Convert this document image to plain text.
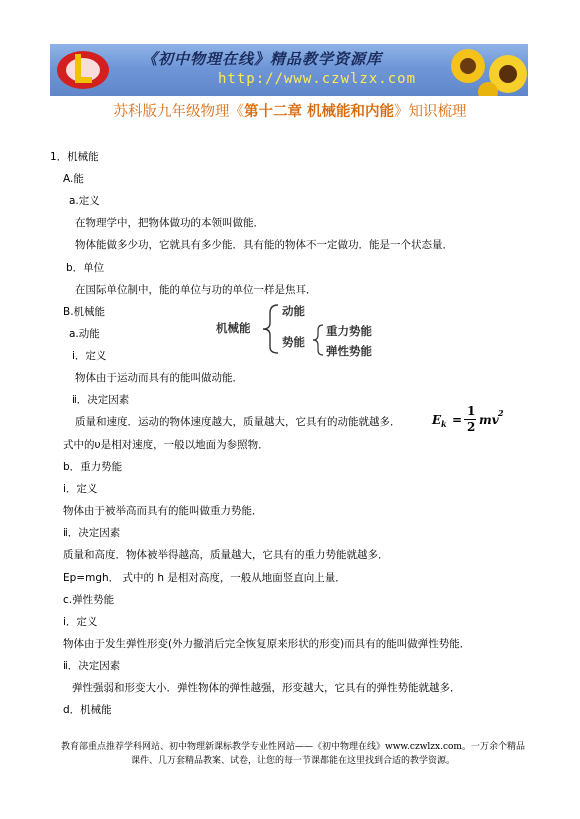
《初中物理在线》精品教学资源库
http://www.czwlzx.com
苏科版九年级物理《第十二章 机械能和内能》知识梳理
1．机械能
A.能
a.定义
在物理学中，把物体做功的本领叫做能．
物体能做多少功，它就具有多少能．具有能的物体不一定做功．能是一个状态量．
b．单位
在国际单位制中，能的单位与功的单位一样是焦耳．
B.机械能
a.动能
ⅰ．定义
物体由于运动而具有的能叫做动能．
ⅱ．决定因素
质量和速度．运动的物体速度越大，质量越大，它具有的动能就越多．
式中的υ是相对速度，一般以地面为参照物．
b．重力势能
ⅰ．定义
物体由于被举高而具有的能叫做重力势能．
ⅱ．决定因素
质量和高度．物体被举得越高，质量越大，它具有的重力势能就越多．
Ep=mgh． 式中的 h 是相对高度，一般从地面竖直向上量．
c.弹性势能
ⅰ．定义
物体由于发生弹性形变(外力撤消后完全恢复原来形状的形变)而具有的能叫做弹性势能．
ⅱ．决定因素
弹性强弱和形变大小．弹性物体的弹性越强，形变越大，它具有的弹性势能就越多．
d．机械能
机械能
动能
势能
重力势能
弹性势能
E k =
1
2 mv 2
教育部重点推荐学科网站、初中物理新课标教学专业性网站——《初中物理在线》www.czwlzx.com。一万余个精品
课件、几万套精品教案、试卷，让您的每一节课都能在这里找到合适的教学资源。
